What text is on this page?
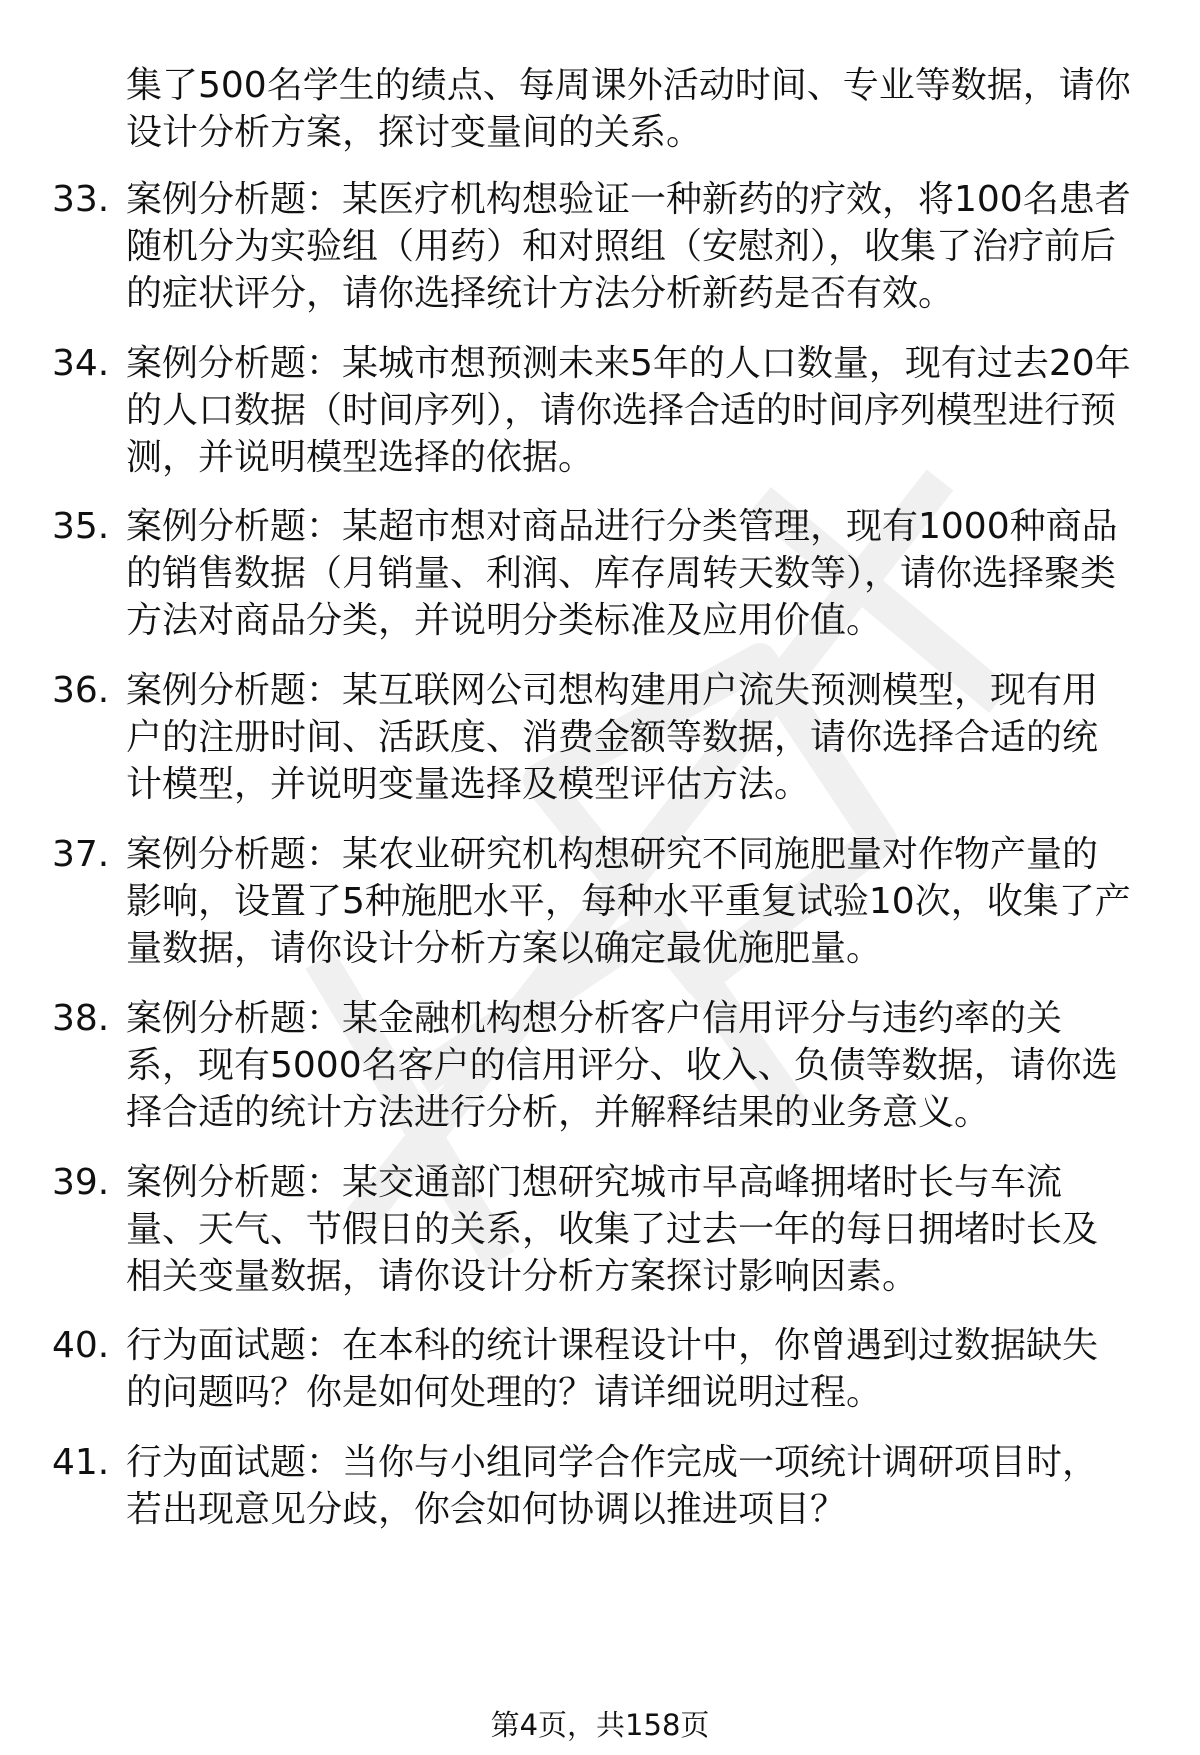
集了500名学生的绩点、每周课外活动时间、专业等数据，请你设计分析方案，探讨变量间的关系。
33. 案例分析题：某医疗机构想验证一种新药的疗效，将100名患者随机分为实验组（用药）和对照组（安慰剂），收集了治疗前后的症状评分，请你选择统计方法分析新药是否有效。
34. 案例分析题：某城市想预测未来5年的人口数量，现有过去20年的人口数据（时间序列），请你选择合适的时间序列模型进行预测，并说明模型选择的依据。
35. 案例分析题：某超市想对商品进行分类管理，现有1000种商品的销售数据（月销量、利润、库存周转天数等），请你选择聚类方法对商品分类，并说明分类标准及应用价值。
36. 案例分析题：某互联网公司想构建用户流失预测模型，现有用户的注册时间、活跃度、消费金额等数据，请你选择合适的统计模型，并说明变量选择及模型评估方法。
37. 案例分析题：某农业研究机构想研究不同施肥量对作物产量的影响，设置了5种施肥水平，每种水平重复试验10次，收集了产量数据，请你设计分析方案以确定最优施肥量。
38. 案例分析题：某金融机构想分析客户信用评分与违约率的关系，现有5000名客户的信用评分、收入、负债等数据，请你选择合适的统计方法进行分析，并解释结果的业务意义。
39. 案例分析题：某交通部门想研究城市早高峰拥堵时长与车流量、天气、节假日的关系，收集了过去一年的每日拥堵时长及相关变量数据，请你设计分析方案探讨影响因素。
40. 行为面试题：在本科的统计课程设计中，你曾遇到过数据缺失的问题吗？你是如何处理的？请详细说明过程。
41. 行为面试题：当你与小组同学合作完成一项统计调研项目时，若出现意见分歧，你会如何协调以推进项目？
第4页，共158页
